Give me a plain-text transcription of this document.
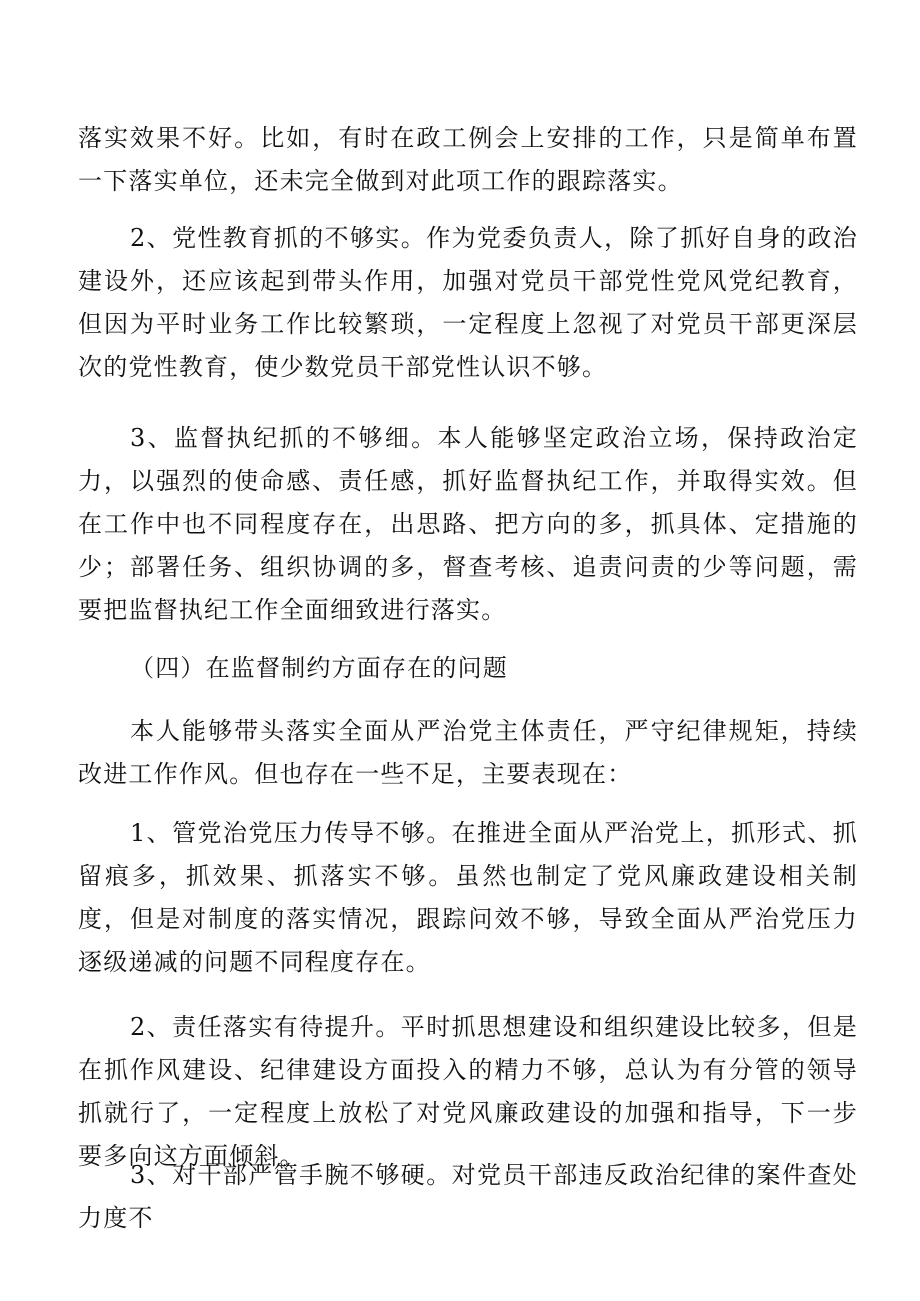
落实效果不好。比如，有时在政工例会上安排的工作，只是简单布置一下落实单位，还未完全做到对此项工作的跟踪落实。

2、党性教育抓的不够实。作为党委负责人，除了抓好自身的政治建设外，还应该起到带头作用，加强对党员干部党性党风党纪教育，但因为平时业务工作比较繁琐，一定程度上忽视了对党员干部更深层次的党性教育，使少数党员干部党性认识不够。

3、监督执纪抓的不够细。本人能够坚定政治立场，保持政治定力，以强烈的使命感、责任感，抓好监督执纪工作，并取得实效。但在工作中也不同程度存在，出思路、把方向的多，抓具体、定措施的少；部署任务、组织协调的多，督查考核、追责问责的少等问题，需要把监督执纪工作全面细致进行落实。

（四）在监督制约方面存在的问题

本人能够带头落实全面从严治党主体责任，严守纪律规矩，持续改进工作作风。但也存在一些不足，主要表现在：

1、管党治党压力传导不够。在推进全面从严治党上，抓形式、抓留痕多，抓效果、抓落实不够。虽然也制定了党风廉政建设相关制度，但是对制度的落实情况，跟踪问效不够，导致全面从严治党压力逐级递减的问题不同程度存在。

2、责任落实有待提升。平时抓思想建设和组织建设比较多，但是在抓作风建设、纪律建设方面投入的精力不够，总认为有分管的领导抓就行了，一定程度上放松了对党风廉政建设的加强和指导，下一步要多向这方面倾斜。

3、对干部严管手腕不够硬。对党员干部违反政治纪律的案件查处力度不
